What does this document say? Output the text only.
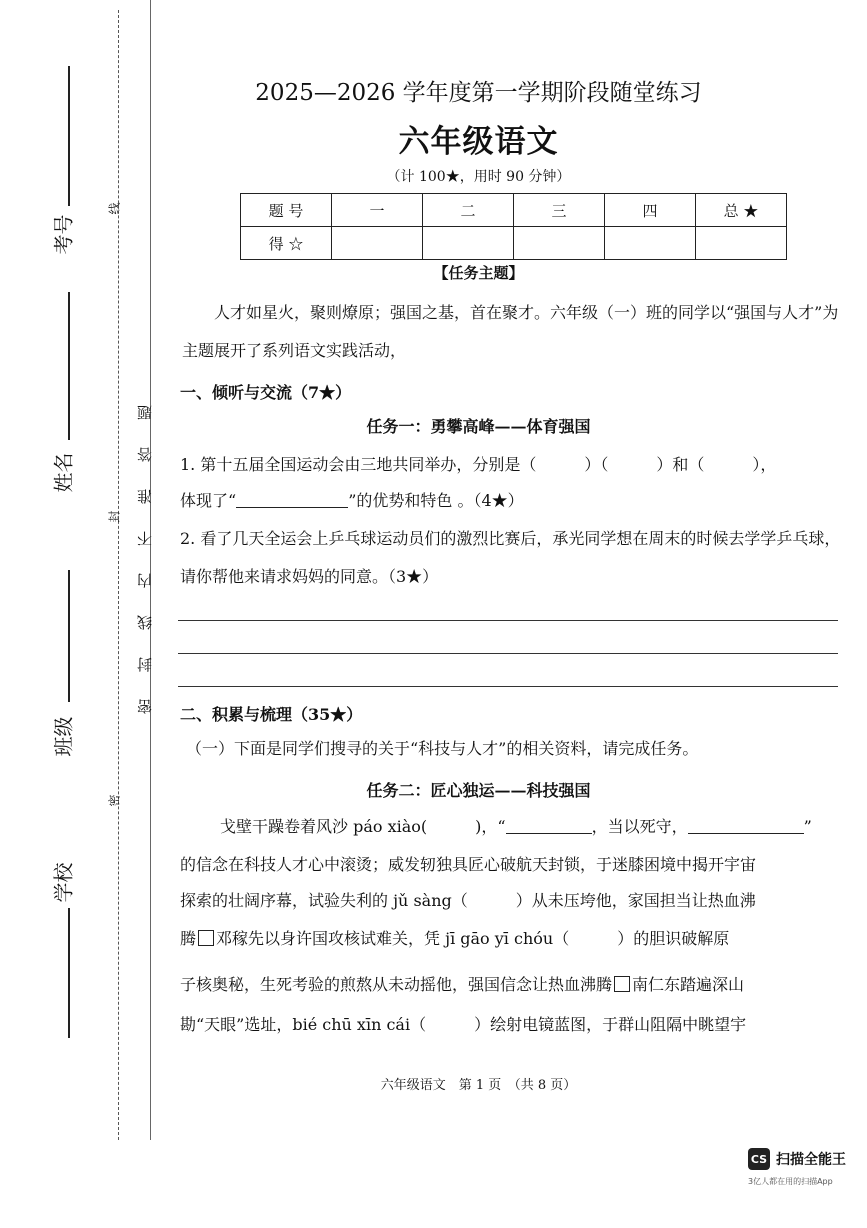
考号
姓名
班级
学校
线
封
密
密封线内不准答题
2025—2026 学年度第一学期阶段随堂练习
六年级语文
（计 100★，用时 90 分钟）
题 号	一	二	三	四	总 ★
得 ☆					
【任务主题】

人才如星火，聚则燎原；强国之基，首在聚才。六年级（一）班的同学以“强国与人才”为主题展开了系列语文实践活动，

一、倾听与交流（7★）
任务一：勇攀高峰——体育强国

1. 第十五届全国运动会由三地共同举办，分别是（　　　）（　　　）和（　　　），

体现了“	”的优势和特色 。（4★）

2. 看了几天全运会上乒乓球运动员们的激烈比赛后，承光同学想在周末的时候去学学乒乓球，请你帮他来请求妈妈的同意。（3★）

二、积累与梳理（35★）

（一）下面是同学们搜寻的关于“科技与人才”的相关资料，请完成任务。

任务二：匠心独运——科技强国

戈壁干躁卷着风沙 páo xiào(　　　)，“	，当以死守，	”

的信念在科技人才心中滚烫；威发轫独具匠心破航天封锁，于迷膝困境中揭开宇宙

探索的壮阔序幕，试验失利的 jǔ sàng（　　　）从未压垮他，家国担当让热血沸

腾 邓稼先以身许国攻核试难关，凭 jī gāo yī chóu（　　　）的胆识破解原

子核奥秘，生死考验的煎熬从未动摇他，强国信念让热血沸腾 南仁东踏遍深山

勘“天眼”选址，bié chū xīn cái（　　　）绘射电镜蓝图，于群山阻隔中眺望宇

六年级语文　第 1 页　（共 8 页）
CS 扫描全能王
3亿人都在用的扫描App
